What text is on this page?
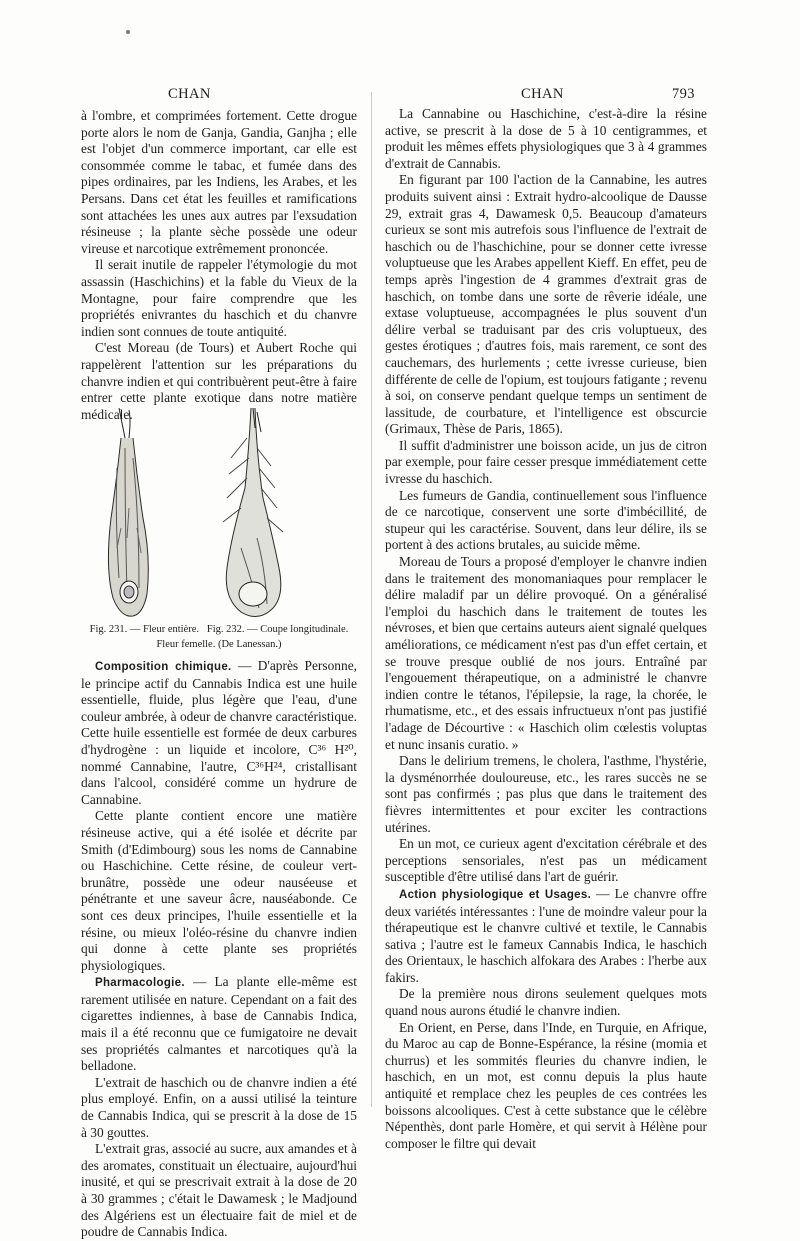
CHAN	CHAN	793

à l'ombre, et comprimées fortement. Cette drogue porte alors le nom de Ganja, Gandia, Ganjha ; elle est l'objet d'un commerce important, car elle est consommée comme le tabac, et fumée dans des pipes ordinaires, par les Indiens, les Arabes, et les Persans. Dans cet état les feuilles et ramifications sont attachées les unes aux autres par l'exsudation résineuse ; la plante sèche possède une odeur vireuse et narcotique extrêmement prononcée.

Il serait inutile de rappeler l'étymologie du mot assassin (Haschichins) et la fable du Vieux de la Montagne, pour faire comprendre que les propriétés enivrantes du haschich et du chanvre indien sont connues de toute antiquité.

C'est Moreau (de Tours) et Aubert Roche qui rappelèrent l'attention sur les préparations du chanvre indien et qui contribuèrent peut-être à faire entrer cette plante exotique dans notre matière médicale.

Fig. 231. — Fleur entière. Fig. 232. — Coupe longitudinale.
Fleur femelle. (De Lanessan.)

Composition chimique. — D'après Personne, le principe actif du Cannabis Indica est une huile essentielle, fluide, plus légère que l'eau, d'une couleur ambrée, à odeur de chanvre caractéristique. Cette huile essentielle est formée de deux carbures d'hydrogène : un liquide et incolore, C³⁶ H²⁰, nommé Cannabine, l'autre, C³⁶H²⁴, cristallisant dans l'alcool, considéré comme un hydrure de Cannabine.

Cette plante contient encore une matière résineuse active, qui a été isolée et décrite par Smith (d'Edimbourg) sous les noms de Cannabine ou Haschichine. Cette résine, de couleur vert-brunâtre, possède une odeur nauséeuse et pénétrante et une saveur âcre, nauséabonde. Ce sont ces deux principes, l'huile essentielle et la résine, ou mieux l'oléo-résine du chanvre indien qui donne à cette plante ses propriétés physiologiques.

Pharmacologie. — La plante elle-même est rarement utilisée en nature. Cependant on a fait des cigarettes indiennes, à base de Cannabis Indica, mais il a été reconnu que ce fumigatoire ne devait ses propriétés calmantes et narcotiques qu'à la belladone.

L'extrait de haschich ou de chanvre indien a été plus employé. Enfin, on a aussi utilisé la teinture de Cannabis Indica, qui se prescrit à la dose de 15 à 30 gouttes.

L'extrait gras, associé au sucre, aux amandes et à des aromates, constituait un électuaire, aujourd'hui inusité, et qui se prescrivait extrait à la dose de 20 à 30 grammes ; c'était le Dawamesk ; le Madjound des Algériens est un électuaire fait de miel et de poudre de Cannabis Indica.

La Cannabine ou Haschichine, c'est-à-dire la résine active, se prescrit à la dose de 5 à 10 centigrammes, et produit les mêmes effets physiologiques que 3 à 4 grammes d'extrait de Cannabis.

En figurant par 100 l'action de la Cannabine, les autres produits suivent ainsi : Extrait hydro-alcoolique de Dausse 29, extrait gras 4, Dawamesk 0,5. Beaucoup d'amateurs curieux se sont mis autrefois sous l'influence de l'extrait de haschich ou de l'haschichine, pour se donner cette ivresse voluptueuse que les Arabes appellent Kieff. En effet, peu de temps après l'ingestion de 4 grammes d'extrait gras de haschich, on tombe dans une sorte de rêverie idéale, une extase voluptueuse, accompagnées le plus souvent d'un délire verbal se traduisant par des cris voluptueux, des gestes érotiques ; d'autres fois, mais rarement, ce sont des cauchemars, des hurlements ; cette ivresse curieuse, bien différente de celle de l'opium, est toujours fatigante ; revenu à soi, on conserve pendant quelque temps un sentiment de lassitude, de courbature, et l'intelligence est obscurcie (Grimaux, Thèse de Paris, 1865).

Il suffit d'administrer une boisson acide, un jus de citron par exemple, pour faire cesser presque immédiatement cette ivresse du haschich.

Les fumeurs de Gandia, continuellement sous l'influence de ce narcotique, conservent une sorte d'imbécillité, de stupeur qui les caractérise. Souvent, dans leur délire, ils se portent à des actions brutales, au suicide même.

Moreau de Tours a proposé d'employer le chanvre indien dans le traitement des monomaniaques pour remplacer le délire maladif par un délire provoqué. On a généralisé l'emploi du haschich dans le traitement de toutes les névroses, et bien que certains auteurs aient signalé quelques améliorations, ce médicament n'est pas d'un effet certain, et se trouve presque oublié de nos jours. Entraîné par l'engouement thérapeutique, on a administré le chanvre indien contre le tétanos, l'épilepsie, la rage, la chorée, le rhumatisme, etc., et des essais infructueux n'ont pas justifié l'adage de Décourtive : « Haschich olim cœlestis voluptas et nunc insanis curatio. »

Dans le delirium tremens, le cholera, l'asthme, l'hystérie, la dysménorrhée douloureuse, etc., les rares succès ne se sont pas confirmés ; pas plus que dans le traitement des fièvres intermittentes et pour exciter les contractions utérines.

En un mot, ce curieux agent d'excitation cérébrale et des perceptions sensoriales, n'est pas un médicament susceptible d'être utilisé dans l'art de guérir.

Action physiologique et Usages. — Le chanvre offre deux variétés intéressantes : l'une de moindre valeur pour la thérapeutique est le chanvre cultivé et textile, le Cannabis sativa ; l'autre est le fameux Cannabis Indica, le haschich des Orientaux, le haschich alfokara des Arabes : l'herbe aux fakirs.

De la première nous dirons seulement quelques mots quand nous aurons étudié le chanvre indien.

En Orient, en Perse, dans l'Inde, en Turquie, en Afrique, du Maroc au cap de Bonne-Espérance, la résine (momia et churrus) et les sommités fleuries du chanvre indien, le haschich, en un mot, est connu depuis la plus haute antiquité et remplace chez les peuples de ces contrées les boissons alcooliques. C'est à cette substance que le célèbre Népenthès, dont parle Homère, et qui servit à Hélène pour composer le filtre qui devait
